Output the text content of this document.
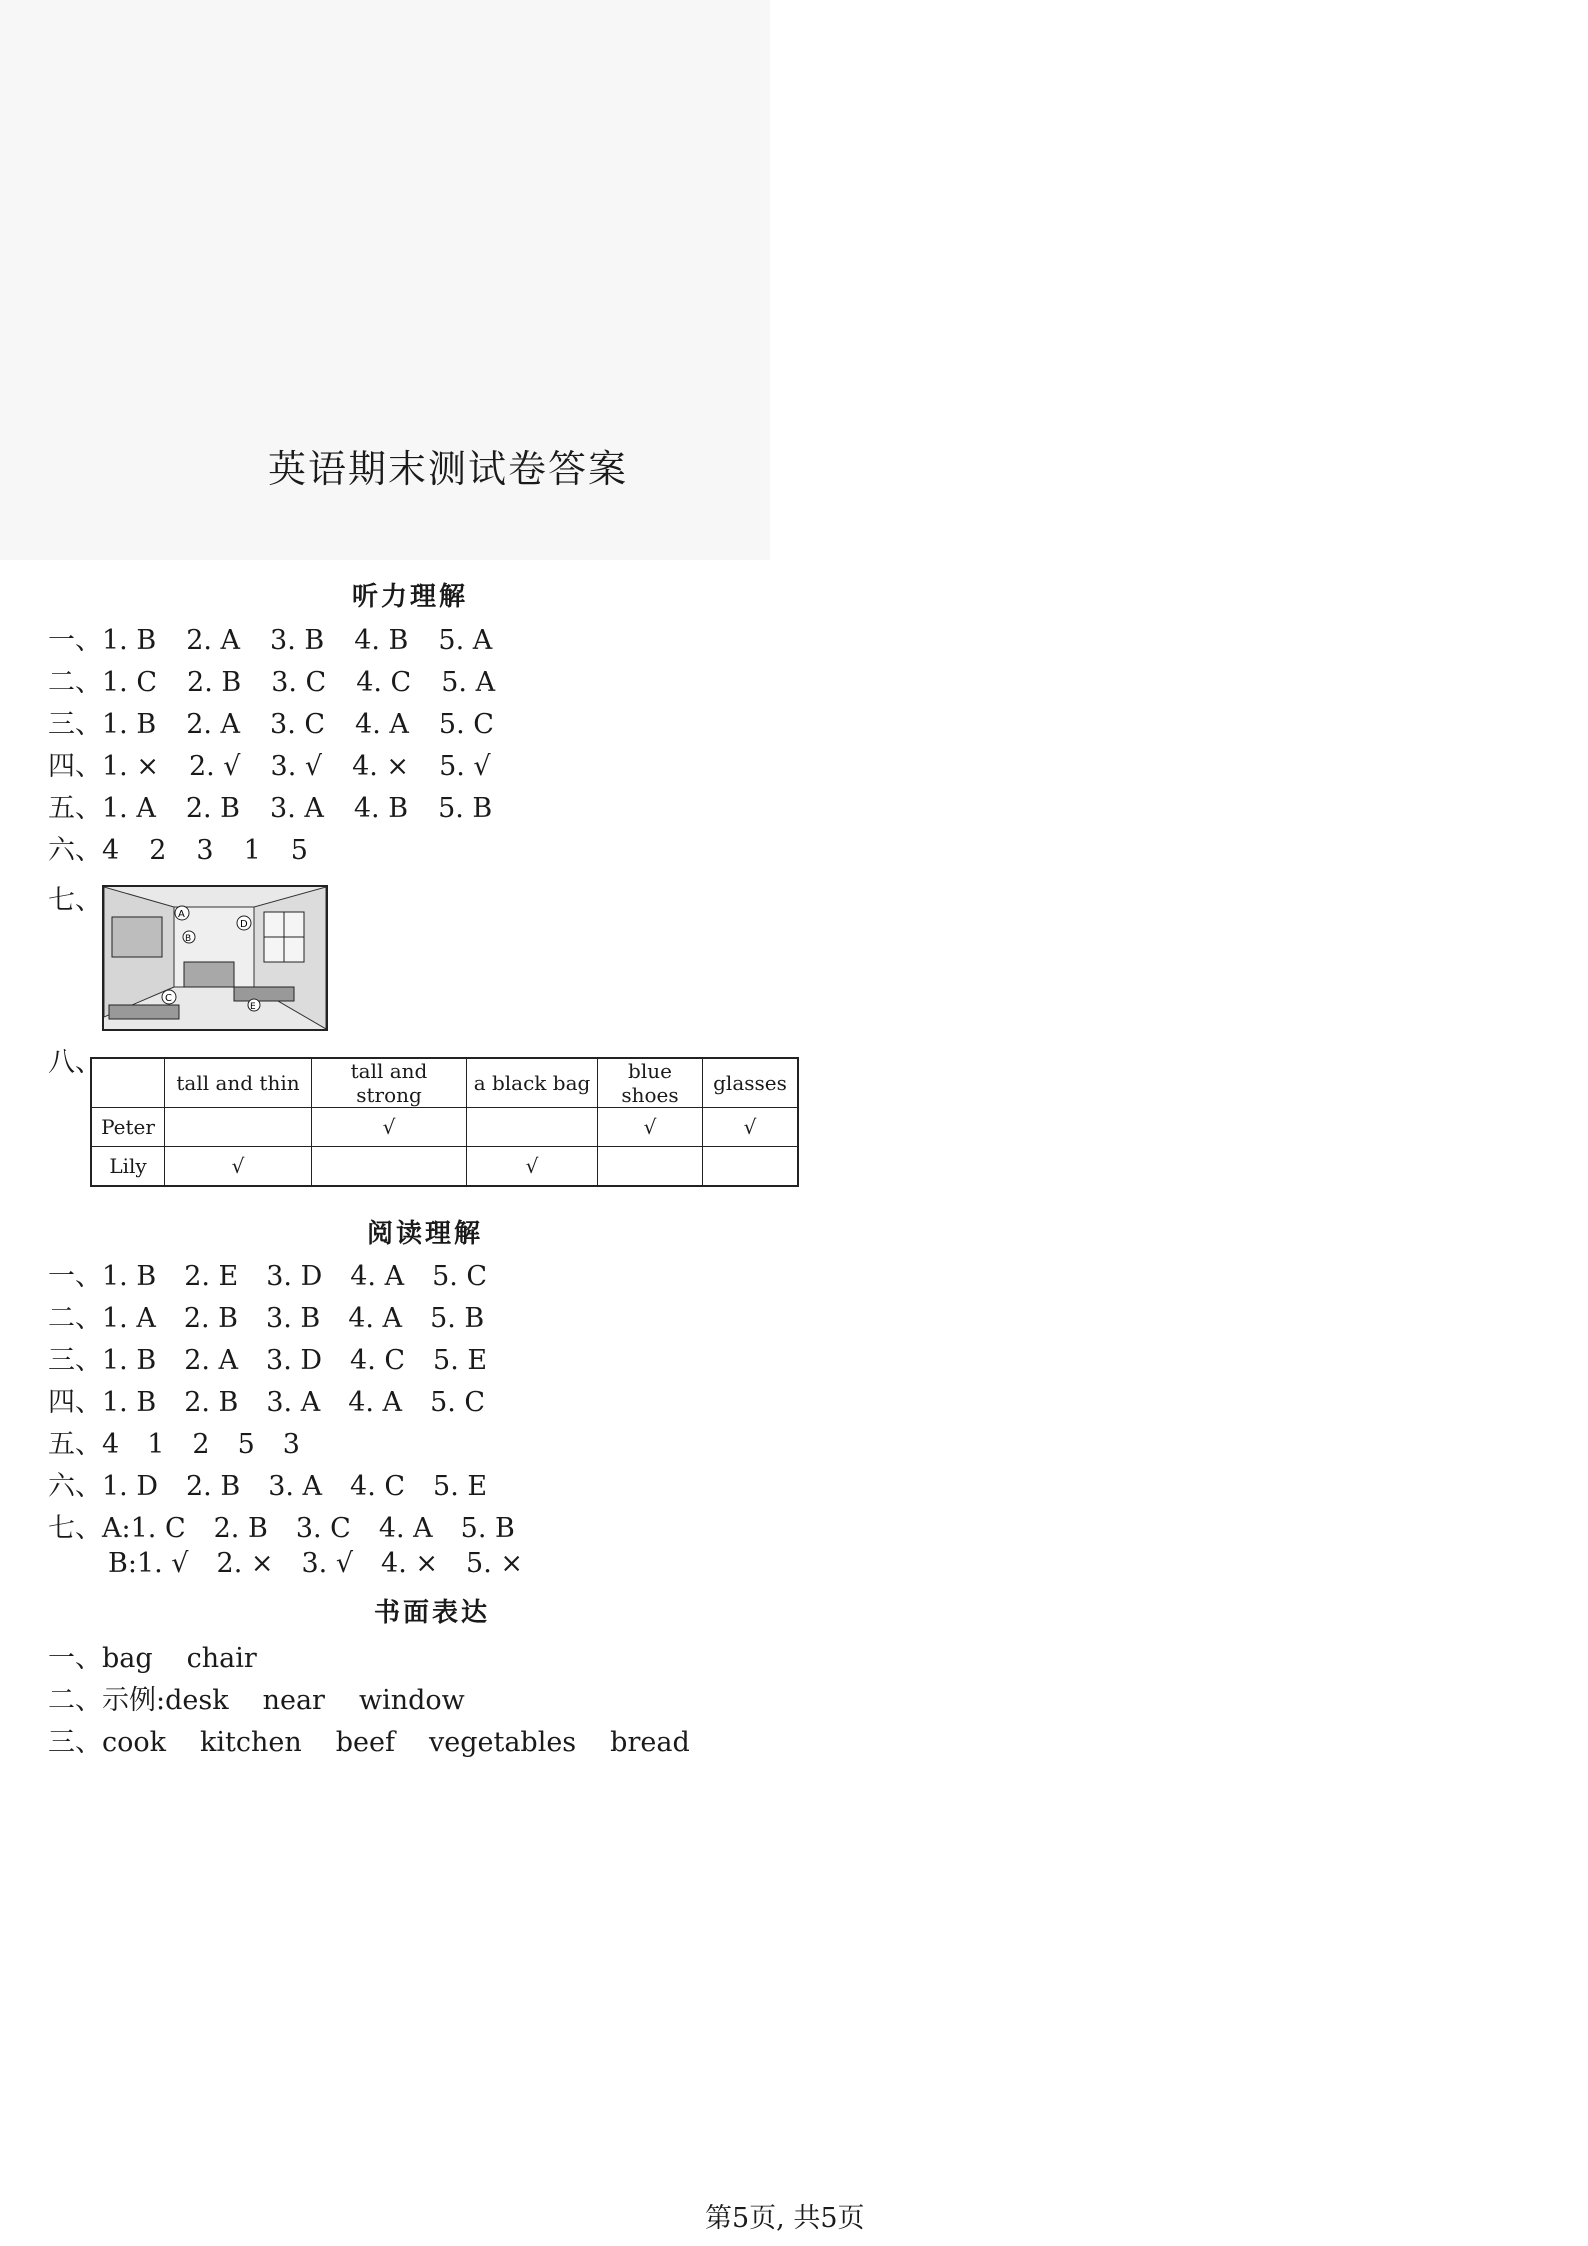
英语期末测试卷答案
听力理解
一、1. B 2. A 3. B 4. B 5. A
二、1. C 2. B 3. C 4. C 5. A
三、1. B 2. A 3. C 4. A 5. C
四、1. × 2. √ 3. √ 4. × 5. √
五、1. A 2. B 3. A 4. B 5. B
六、4 2 3 1 5
七、	A
B
C
D
E
八、
	tall and thin	tall and strong	a black bag	blue shoes	glasses
Peter		√		√	√
Lily	√		√		
阅读理解
一、1. B 2. E 3. D 4. A 5. C
二、1. A 2. B 3. B 4. A 5. B
三、1. B 2. A 3. D 4. C 5. E
四、1. B 2. B 3. A 4. A 5. C
五、4 1 2 5 3
六、1. D 2. B 3. A 4. C 5. E
七、A:1. C 2. B 3. C 4. A 5. B
B:1. √ 2. × 3. √ 4. × 5. ×
书面表达
一、bag chair
二、示例:desk near window
三、cook kitchen beef vegetables bread
第5页, 共5页
